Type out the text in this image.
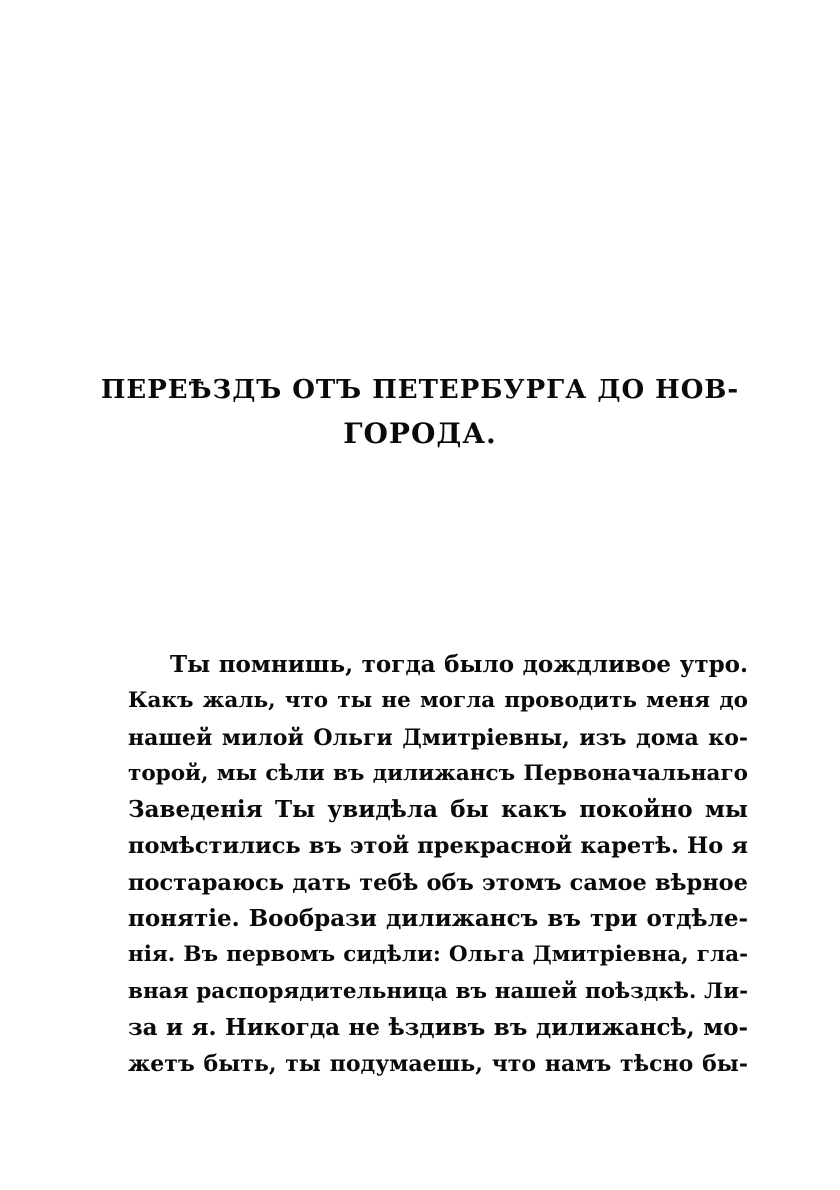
ПЕРЕѢЗДЪ ОТЪ ПЕТЕРБУРГА ДО НОВ-
ГОРОДА.
Ты помнишь, тогда было дождливое утро.
Какъ жаль, что ты не могла проводить меня до
нашей милой Ольги Дмитріевны, изъ дома ко-
торой, мы сѣли въ дилижансъ Первоначальнаго
Заведенія Ты увидѣла бы какъ покойно мы
помѣстились въ этой прекрасной каретѣ. Но я
постараюсь дать тебѣ объ этомъ самое вѣрное
понятіе. Вообрази дилижансъ въ три отдѣле-
нія. Въ первомъ сидѣли: Ольга Дмитріевна, гла-
вная распорядительница въ нашей поѣздкѣ. Ли-
за и я. Никогда не ѣздивъ въ дилижансѣ, мо-
жетъ быть, ты подумаешь, что намъ тѣсно бы-
